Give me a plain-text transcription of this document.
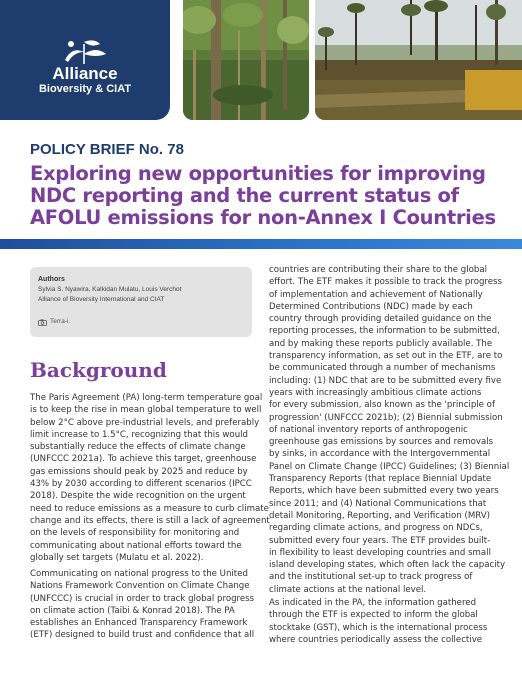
Alliance
Bioversity & CIAT
POLICY BRIEF No. 78
Exploring new opportunities for improving NDC reporting and the current status of AFOLU emissions for non-Annex I Countries
Authors
Sylvia S. Nyawira, Kalkidan Mulatu, Louis Verchot
Alliance of Bioversity International and CIAT
Terra-i.
Background
The Paris Agreement (PA) long-term temperature goal
is to keep the rise in mean global temperature to well
below 2°C above pre-industrial levels, and preferably
limit increase to 1.5°C, recognizing that this would
substantially reduce the effects of climate change
(UNFCCC 2021a). To achieve this target, greenhouse
gas emissions should peak by 2025 and reduce by
43% by 2030 according to different scenarios (IPCC
2018). Despite the wide recognition on the urgent
need to reduce emissions as a measure to curb climate
change and its effects, there is still a lack of agreement
on the levels of responsibility for monitoring and
communicating about national efforts toward the
globally set targets (Mulatu et al. 2022).
Communicating on national progress to the United
Nations Framework Convention on Climate Change
(UNFCCC) is crucial in order to track global progress
on climate action (Taibi & Konrad 2018). The PA
establishes an Enhanced Transparency Framework
(ETF) designed to build trust and confidence that all
countries are contributing their share to the global
effort. The ETF makes it possible to track the progress
of implementation and achievement of Nationally
Determined Contributions (NDC) made by each
country through providing detailed guidance on the
reporting processes, the information to be submitted,
and by making these reports publicly available. The
transparency information, as set out in the ETF, are to
be communicated through a number of mechanisms
including: (1) NDC that are to be submitted every five
years with increasingly ambitious climate actions
for every submission, also known as the 'principle of
progression' (UNFCCC 2021b); (2) Biennial submission
of national inventory reports of anthropogenic
greenhouse gas emissions by sources and removals
by sinks, in accordance with the Intergovernmental
Panel on Climate Change (IPCC) Guidelines; (3) Biennial
Transparency Reports (that replace Biennial Update
Reports, which have been submitted every two years
since 2011; and (4) National Communications that
detail Monitoring, Reporting, and Verification (MRV)
regarding climate actions, and progress on NDCs,
submitted every four years. The ETF provides built-
in flexibility to least developing countries and small
island developing states, which often lack the capacity
and the institutional set-up to track progress of
climate actions at the national level.
As indicated in the PA, the information gathered
through the ETF is expected to inform the global
stocktake (GST), which is the international process
where countries periodically assess the collective
